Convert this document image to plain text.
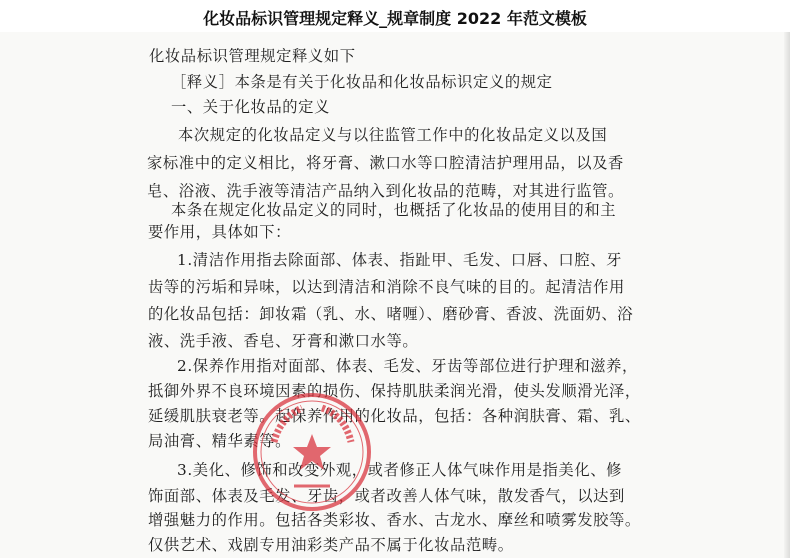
化妆品标识管理规定释义_规章制度 2022 年范文模板
化妆品标识管理规定释义如下
［释义］本条是有关于化妆品和化妆品标识定义的规定
一、关于化妆品的定义
本次规定的化妆品定义与以往监管工作中的化妆品定义以及国
家标准中的定义相比，将牙膏、漱口水等口腔清洁护理用品，以及香
皂、浴液、洗手液等清洁产品纳入到化妆品的范畴，对其进行监管。
本条在规定化妆品定义的同时，也概括了化妆品的使用目的和主
要作用，具体如下：
1.清洁作用指去除面部、体表、指趾甲、毛发、口唇、口腔、牙
齿等的污垢和异味，以达到清洁和消除不良气味的目的。起清洁作用
的化妆品包括：卸妆霜（乳、水、啫喱）、磨砂膏、香波、洗面奶、浴
液、洗手液、香皂、牙膏和漱口水等。
2.保养作用指对面部、体表、毛发、牙齿等部位进行护理和滋养，
抵御外界不良环境因素的损伤、保持肌肤柔润光滑，使头发顺滑光泽，
延缓肌肤衰老等。起保养作用的化妆品，包括：各种润肤膏、霜、乳、
局油膏、精华素等。
3.美化、修饰和改变外观，或者修正人体气味作用是指美化、修
饰面部、体表及毛发、牙齿，或者改善人体气味，散发香气，以达到
增强魅力的作用。包括各类彩妆、香水、古龙水、摩丝和喷雾发胶等。
仅供艺术、戏剧专用油彩类产品不属于化妆品范畴。
